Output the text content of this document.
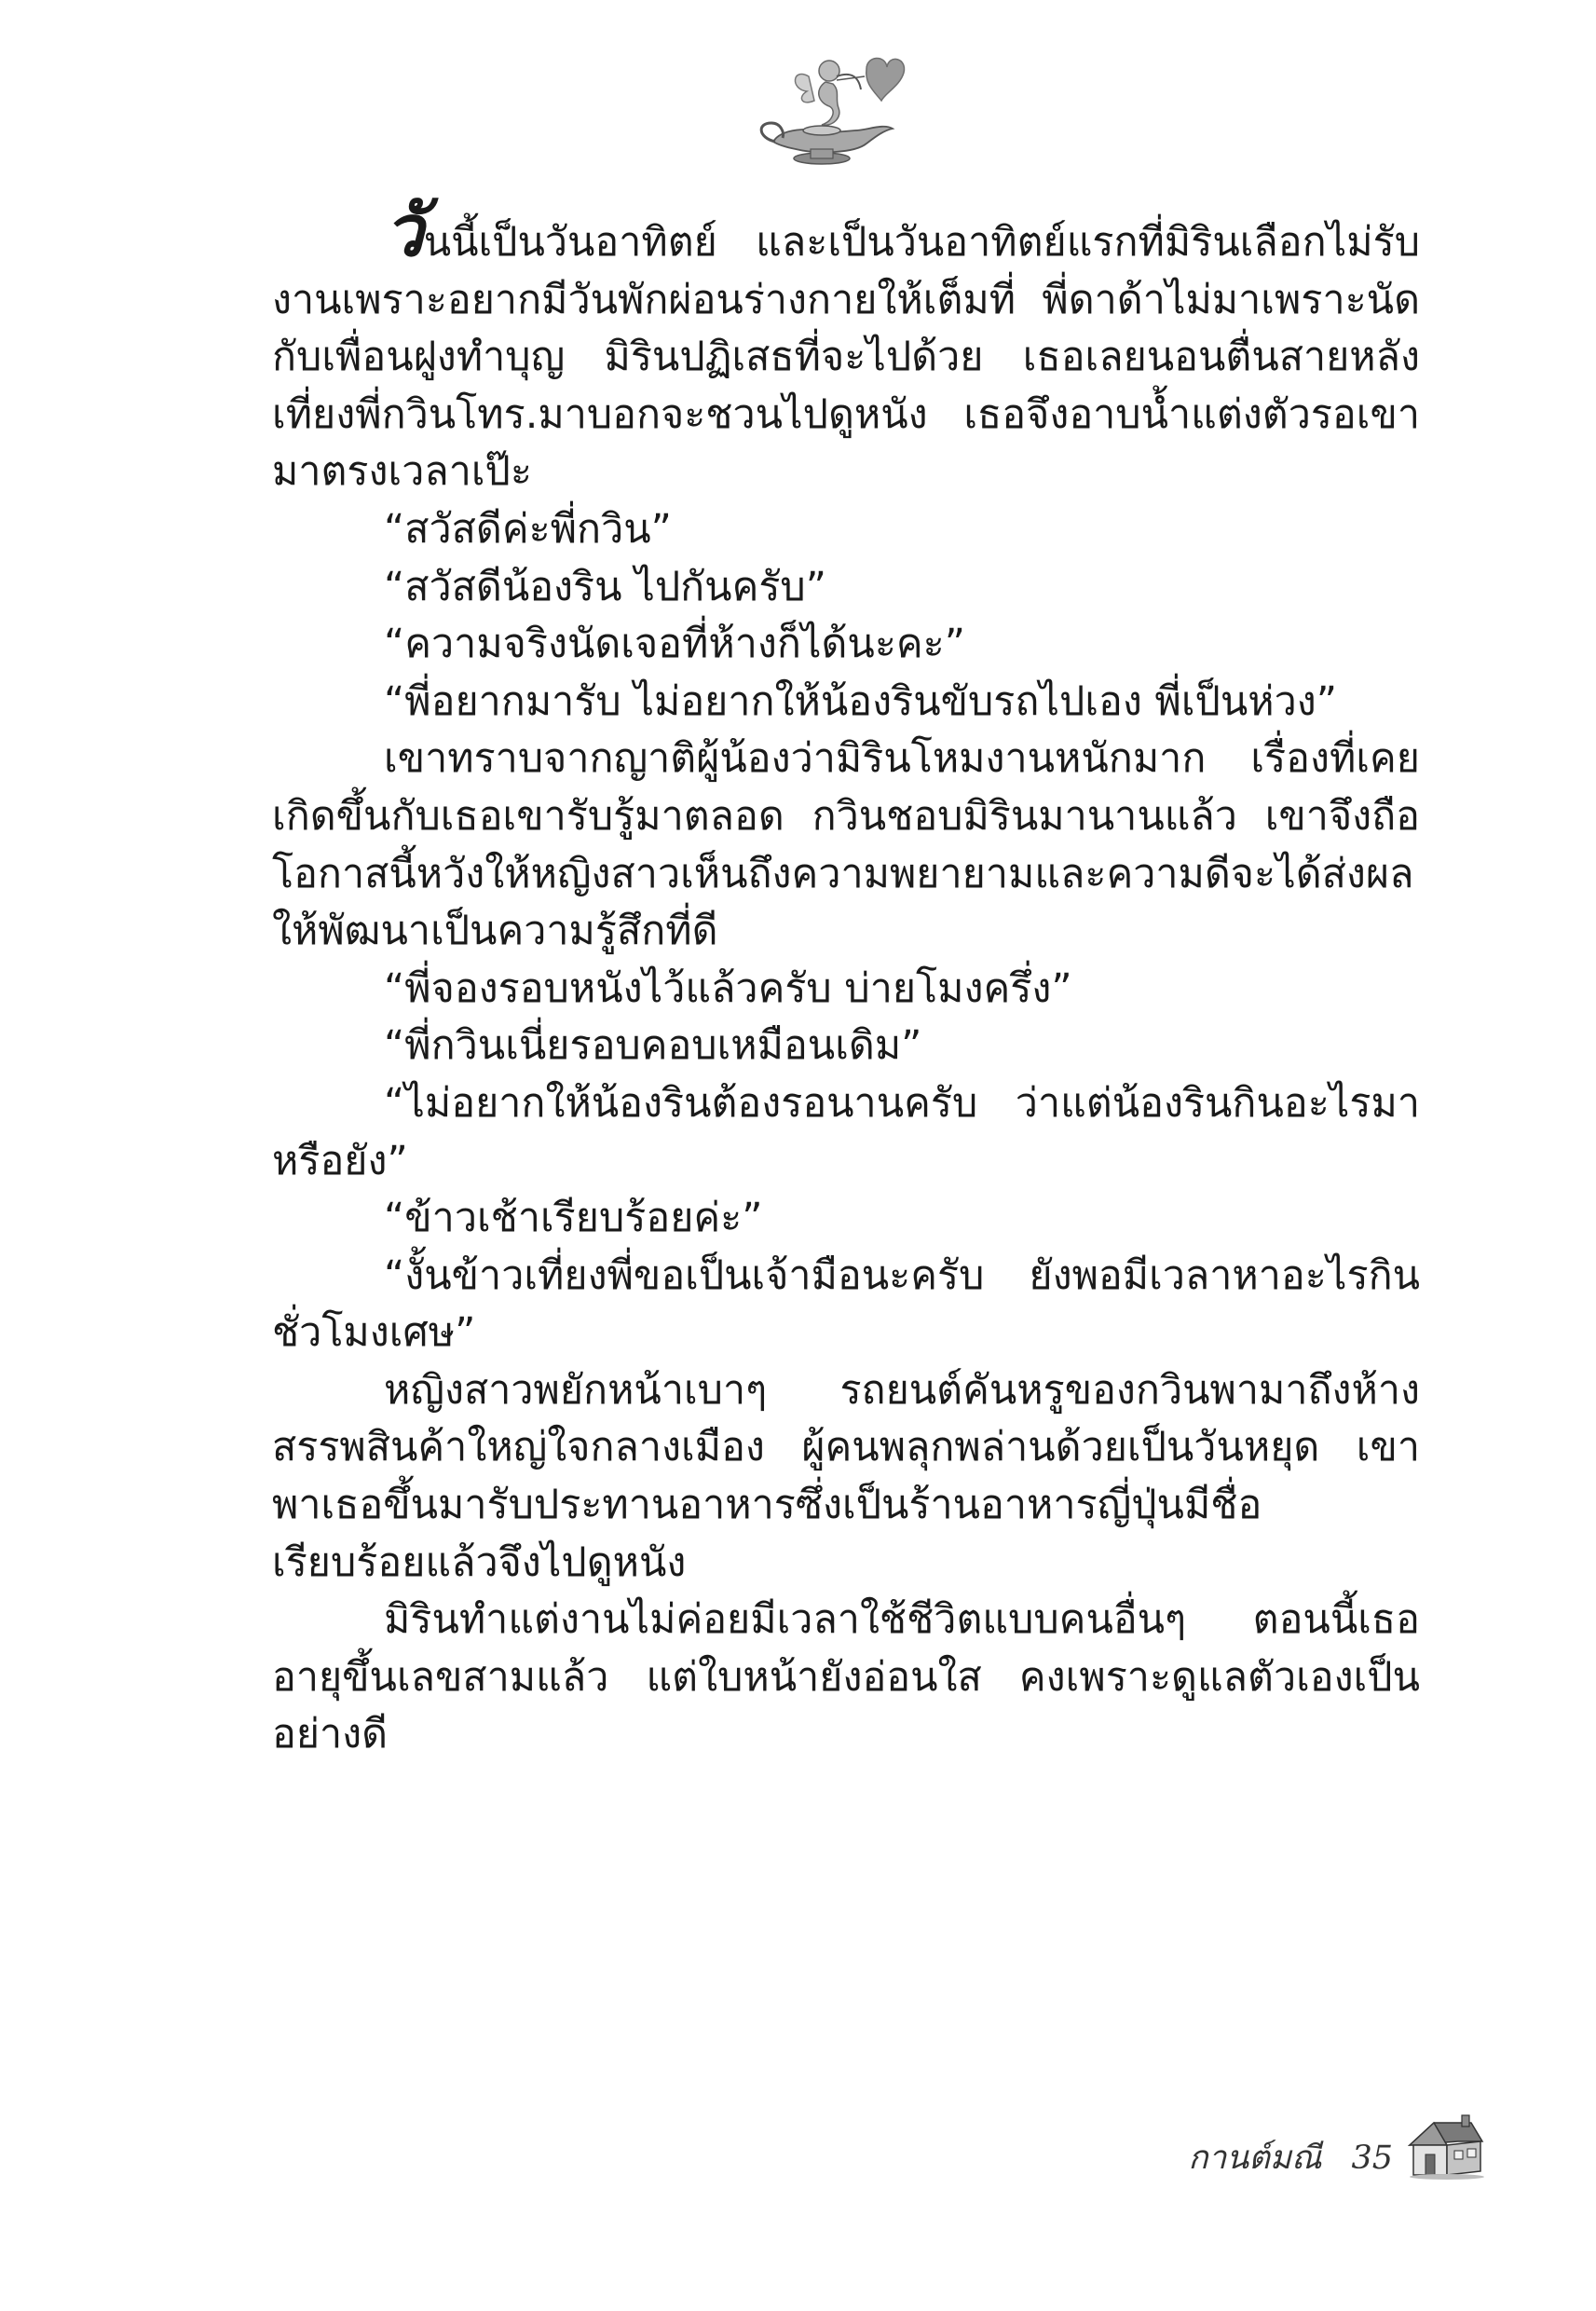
วันนี้เป็นวันอาทิตย์ และเป็นวันอาทิตย์แรกที่มิรินเลือกไม่รับงานเพราะอยากมีวันพักผ่อนร่างกายให้เต็มที่ พี่ดาด้าไม่มาเพราะนัดกับเพื่อนฝูงทำบุญ มิรินปฏิเสธที่จะไปด้วย เธอเลยนอนตื่นสายหลังเที่ยงพี่กวินโทร.มาบอกจะชวนไปดูหนัง เธอจึงอาบน้ำแต่งตัวรอเขามาตรงเวลาเป๊ะ

“สวัสดีค่ะพี่กวิน”

“สวัสดีน้องริน ไปกันครับ”

“ความจริงนัดเจอที่ห้างก็ได้นะคะ”

“พี่อยากมารับ ไม่อยากให้น้องรินขับรถไปเอง พี่เป็นห่วง”

เขาทราบจากญาติผู้น้องว่ามิรินโหมงานหนักมาก เรื่องที่เคยเกิดขึ้นกับเธอเขารับรู้มาตลอด กวินชอบมิรินมานานแล้ว เขาจึงถือโอกาสนี้หวังให้หญิงสาวเห็นถึงความพยายามและความดีจะได้ส่งผลให้พัฒนาเป็นความรู้สึกที่ดี

“พี่จองรอบหนังไว้แล้วครับ บ่ายโมงครึ่ง”

“พี่กวินเนี่ยรอบคอบเหมือนเดิม”

“ไม่อยากให้น้องรินต้องรอนานครับ ว่าแต่น้องรินกินอะไรมาหรือยัง”

“ข้าวเช้าเรียบร้อยค่ะ”

“งั้นข้าวเที่ยงพี่ขอเป็นเจ้ามือนะครับ ยังพอมีเวลาหาอะไรกินชั่วโมงเศษ”

หญิงสาวพยักหน้าเบาๆ รถยนต์คันหรูของกวินพามาถึงห้างสรรพสินค้าใหญ่ใจกลางเมือง ผู้คนพลุกพล่านด้วยเป็นวันหยุด เขาพาเธอขึ้นมารับประทานอาหารซึ่งเป็นร้านอาหารญี่ปุ่นมีชื่อ เรียบร้อยแล้วจึงไปดูหนัง

มิรินทำแต่งานไม่ค่อยมีเวลาใช้ชีวิตแบบคนอื่นๆ ตอนนี้เธออายุขึ้นเลขสามแล้ว แต่ใบหน้ายังอ่อนใส คงเพราะดูแลตัวเองเป็นอย่างดี

กานต์มณี 35
